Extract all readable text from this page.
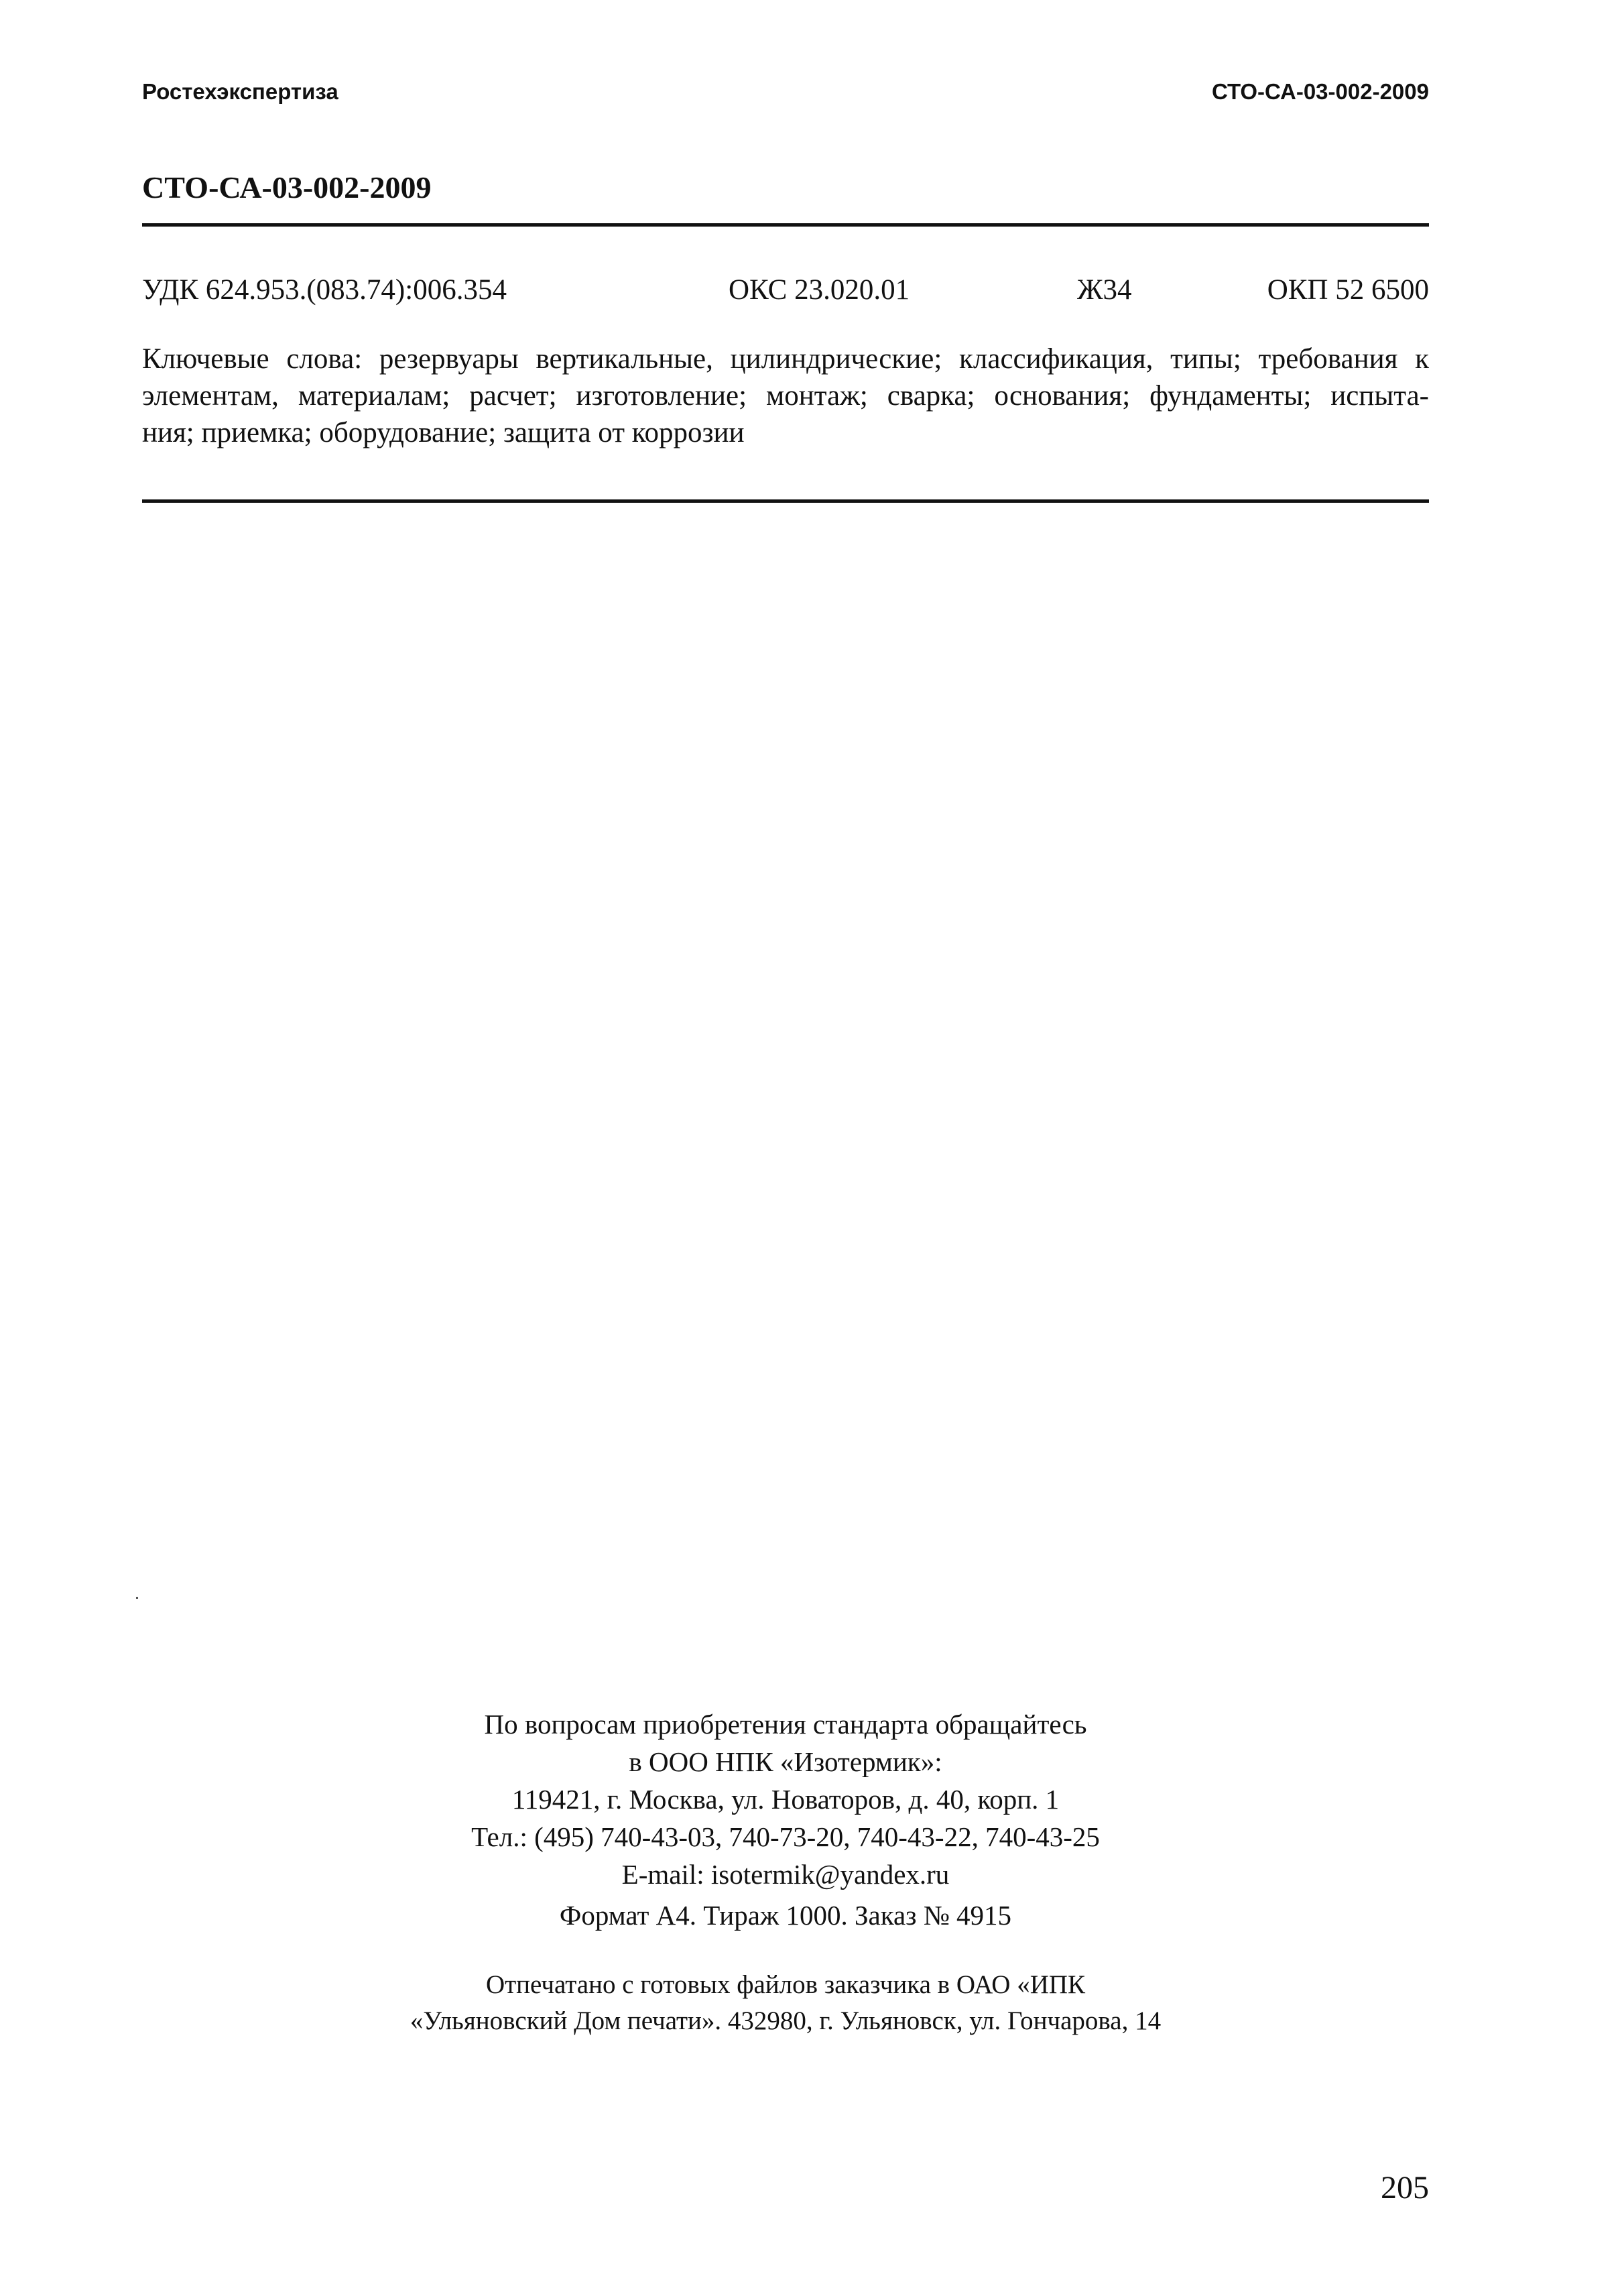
Ростехэкспертиза	СТО-СА-03-002-2009
СТО-СА-03-002-2009
УДК 624.953.(083.74):006.354	ОКС 23.020.01	Ж34	ОКП 52 6500
Ключевые слова: резервуары вертикальные, цилиндрические; классификация, типы; требования к
элементам, материалам; расчет; изготовление; монтаж; сварка; основания; фундаменты; испыта-
ния; приемка; оборудование; защита от коррозии
По вопросам приобретения стандарта обращайтесь
в ООО НПК «Изотермик»:
119421, г. Москва, ул. Новаторов, д. 40, корп. 1
Тел.: (495) 740-43-03, 740-73-20, 740-43-22, 740-43-25
E-mail: isotermik@yandex.ru
Формат А4. Тираж 1000. Заказ № 4915
Отпечатано с готовых файлов заказчика в ОАО «ИПК
«Ульяновский Дом печати». 432980, г. Ульяновск, ул. Гончарова, 14
205
